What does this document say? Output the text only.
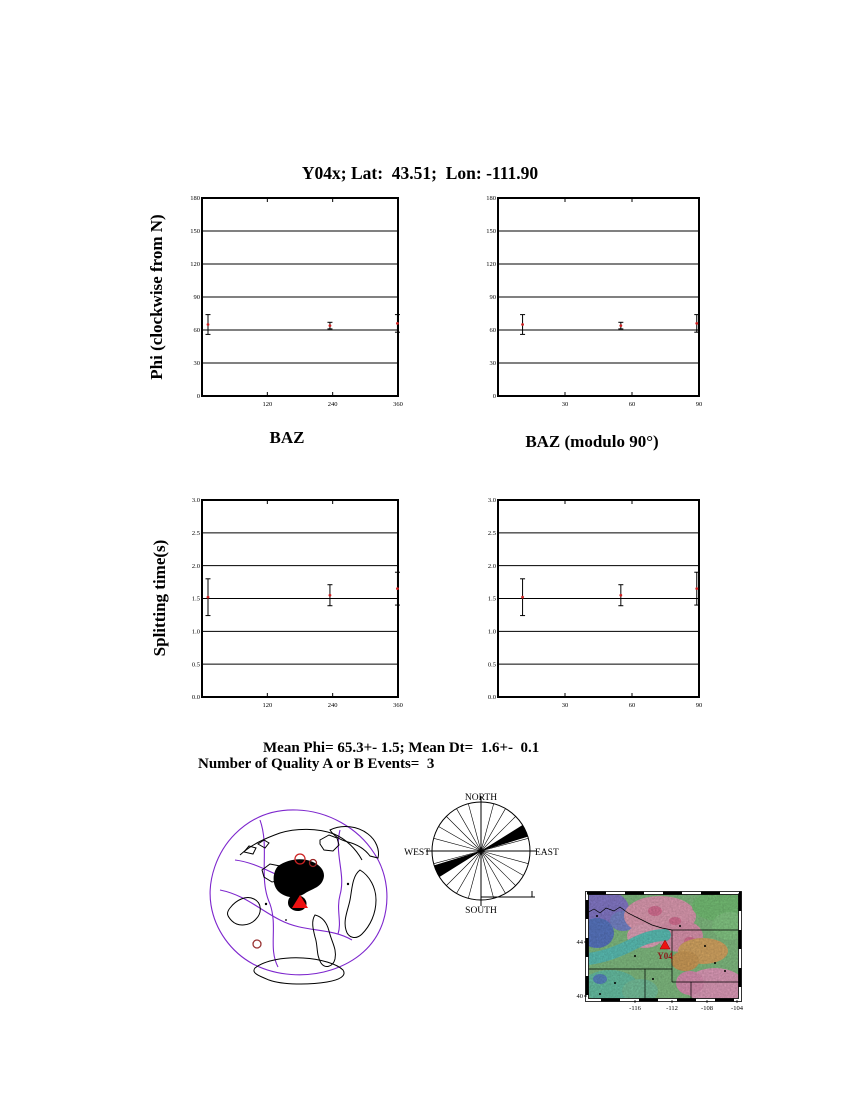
Y04x; Lat:  43.51;  Lon: -111.90
Phi (clockwise from N)
Splitting time(s)
0
30
60
90
120
150
180
120	240	360
0
30
60
90
120
150
180
30	60	90
0.0
0.5
1.0
1.5
2.0
2.5
3.0
120	240	360
0.0
0.5
1.0
1.5
2.0
2.5
3.0
30	60	90
BAZ	BAZ (modulo 90°)
Mean Phi= 65.3+- 1.5; Mean Dt=  1.6+-  0.1
Number of Quality A or B Events=  3
NORTH
EAST
SOUTH
WEST
44
40
-116	-112	-108	-104
Y04
